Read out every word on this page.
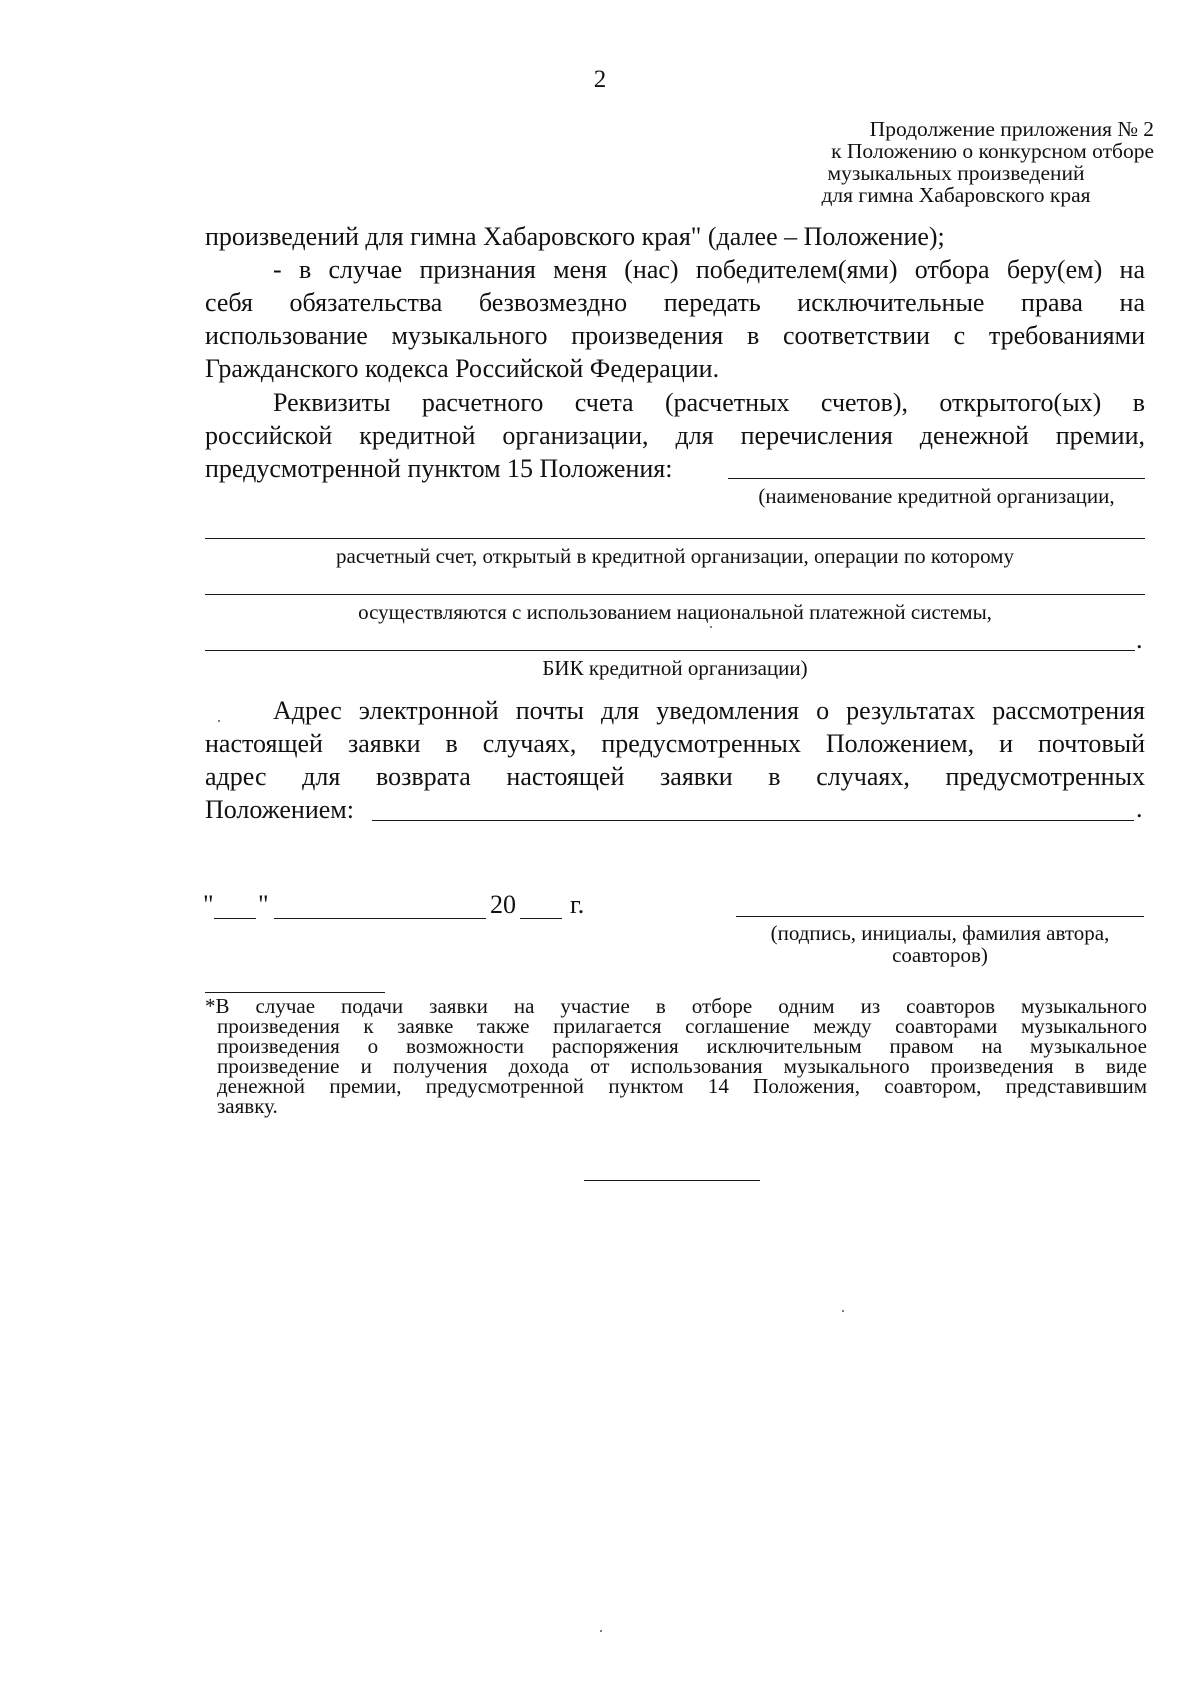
2
Продолжение приложения № 2
к Положению о конкурсном отборе
музыкальных произведений
для гимна Хабаровского края
произведений для гимна Хабаровского края" (далее – Положение);
- в случае признания меня (нас) победителем(ями) отбора беру(ем) на
себя обязательства безвозмездно передать исключительные права на
использование музыкального произведения в соответствии с требованиями
Гражданского кодекса Российской Федерации.
Реквизиты расчетного счета (расчетных счетов), открытого(ых) в
российской кредитной организации, для перечисления денежной премии,
предусмотренной пунктом 15 Положения:
(наименование кредитной организации,
расчетный счет, открытый в кредитной организации, операции по которому
осуществляются с использованием национальной платежной системы,
.
БИК кредитной организации)
Адрес электронной почты для уведомления о результатах рассмотрения
настоящей заявки в случаях, предусмотренных Положением, и почтовый
адрес для возврата настоящей заявки в случаях, предусмотренных
Положением:	.
" "	20 г.
(подпись, инициалы, фамилия автора,
соавторов)
*В случае подачи заявки на участие в отборе одним из соавторов музыкального
произведения к заявке также прилагается соглашение между соавторами музыкального
произведения о возможности распоряжения исключительным правом на музыкальное
произведение и получения дохода от использования музыкального произведения в виде
денежной премии, предусмотренной пунктом 14 Положения, соавтором, представившим
заявку.
